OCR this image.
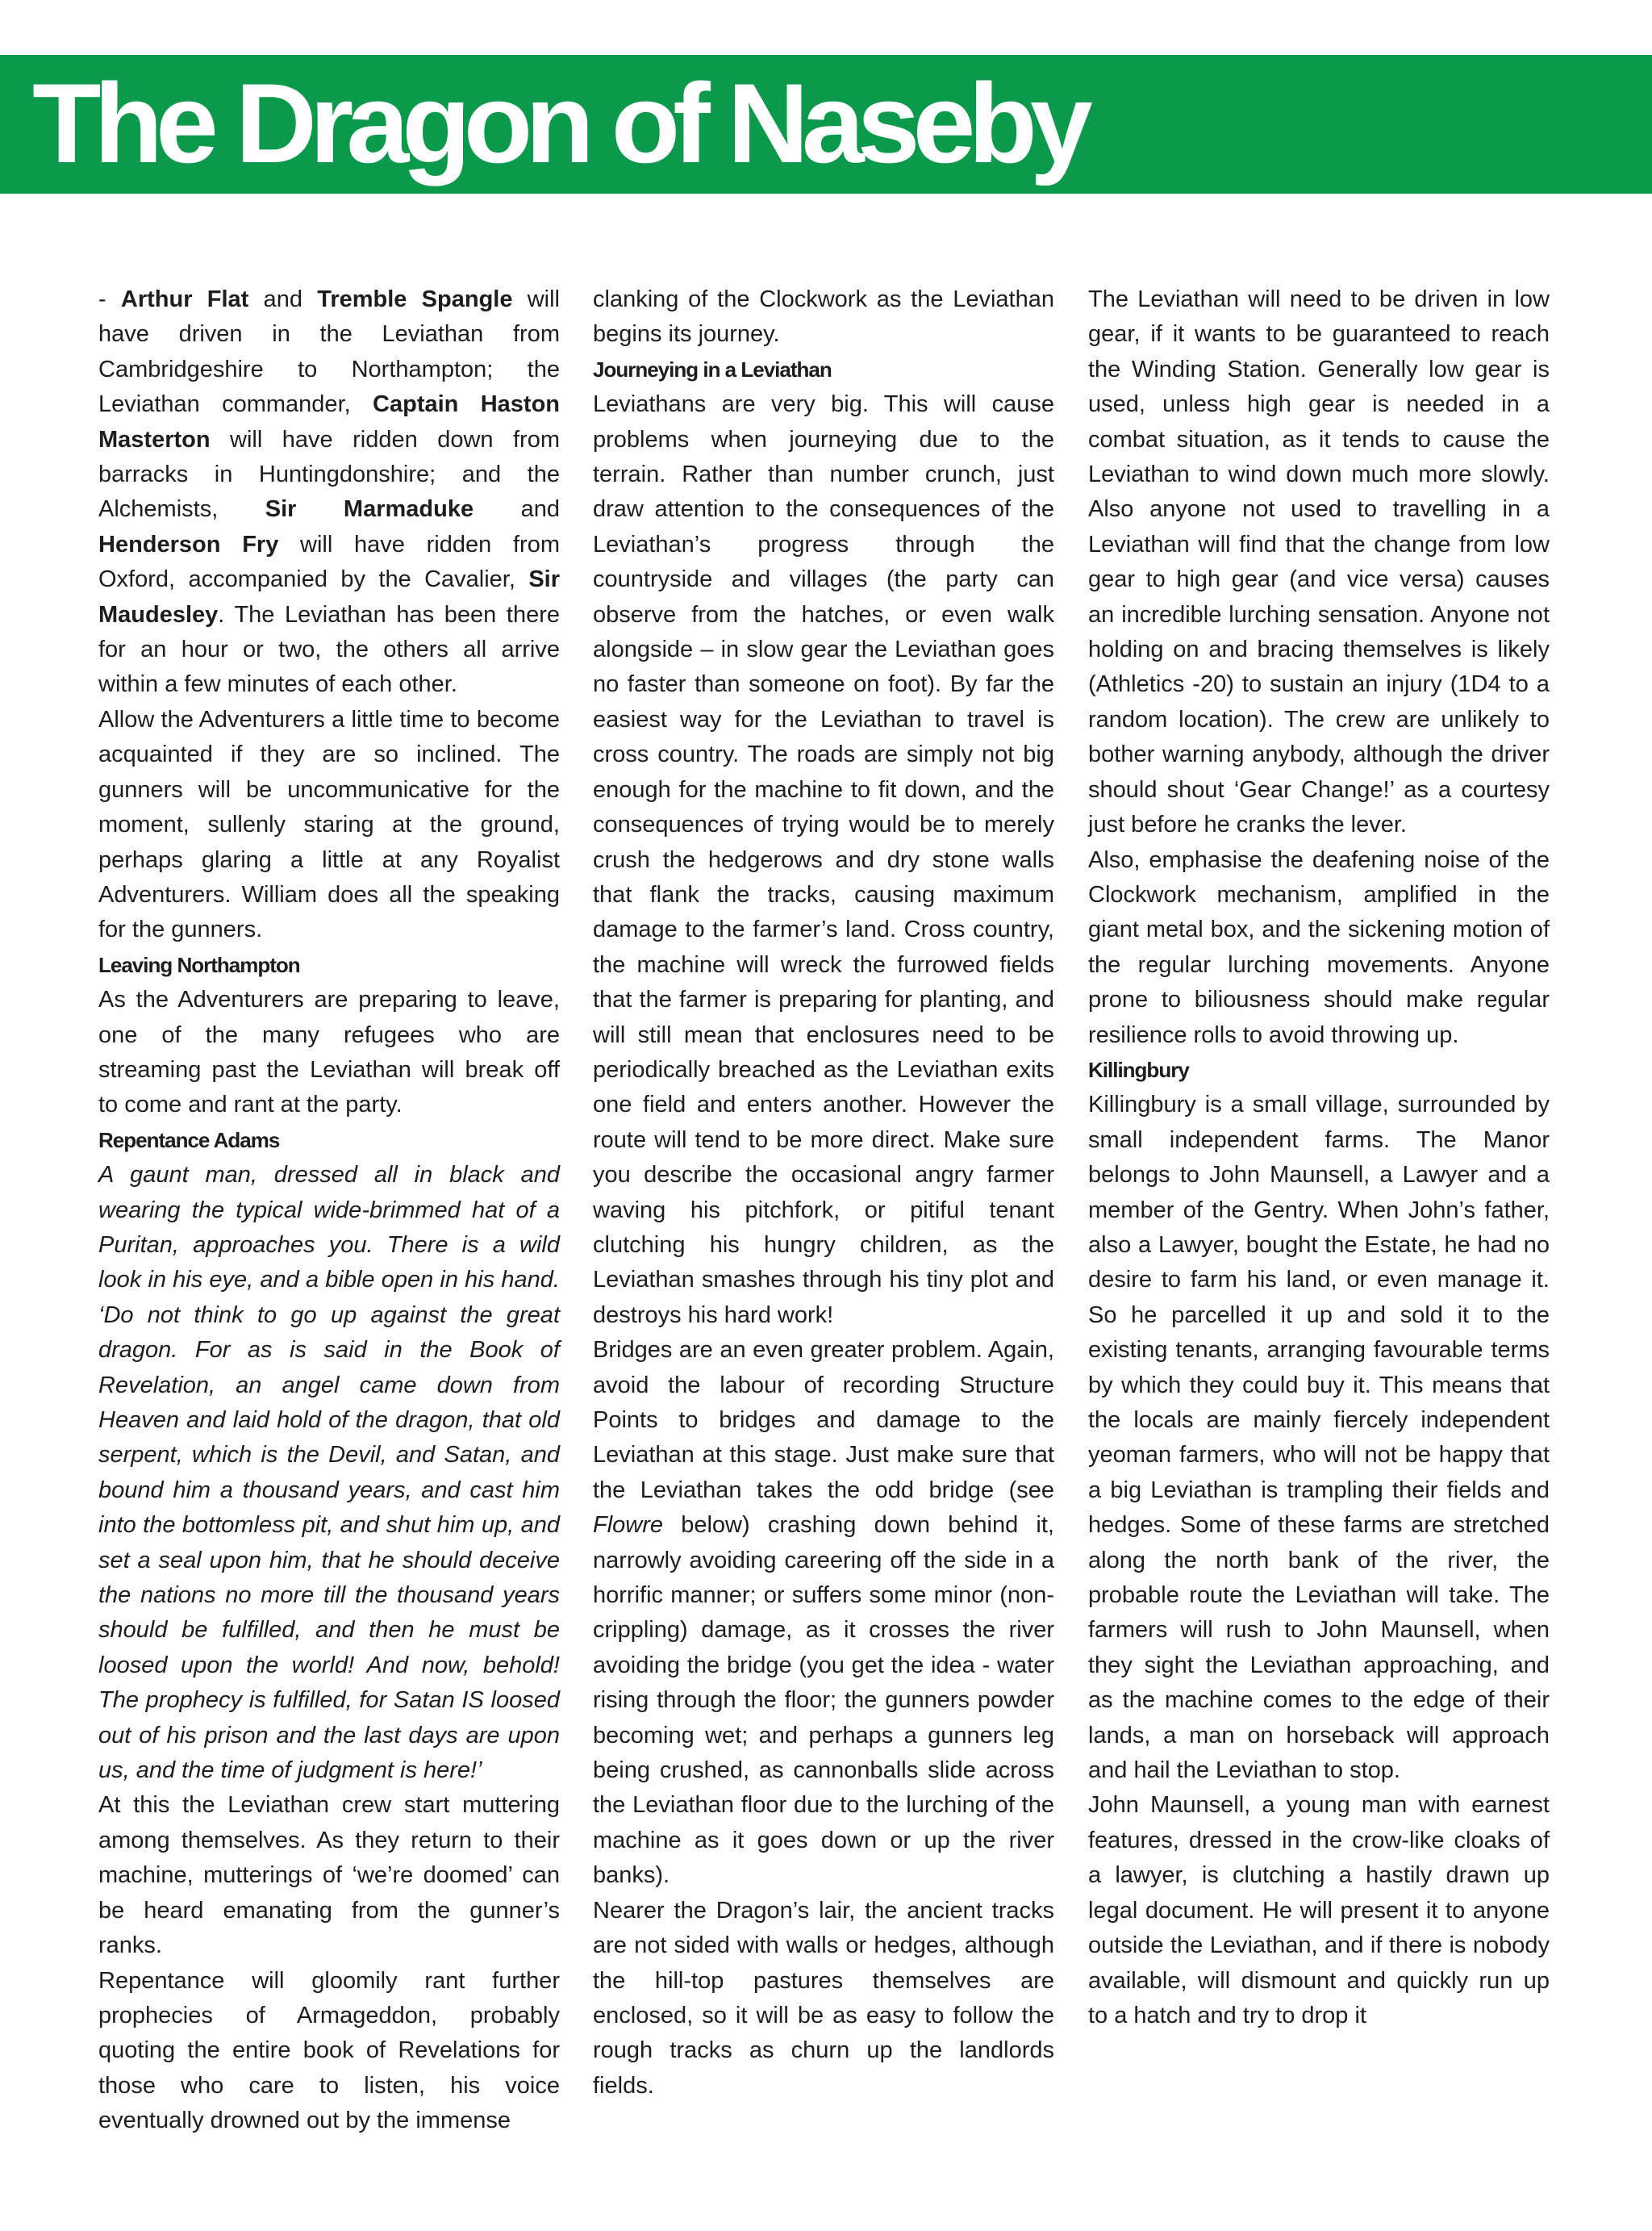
The Dragon of Naseby

- Arthur Flat and Tremble Spangle will have driven in the Leviathan from Cambridgeshire to Northampton; the Leviathan commander, Captain Haston Masterton will have ridden down from barracks in Huntingdonshire; and the Alchemists, Sir Marmaduke and Henderson Fry will have ridden from Oxford, accompanied by the Cavalier, Sir Maudesley. The Leviathan has been there for an hour or two, the others all arrive within a few minutes of each other.

Allow the Adventurers a little time to become acquainted if they are so inclined. The gunners will be uncommunicative for the moment, sullenly staring at the ground, perhaps glaring a little at any Royalist Adventurers. William does all the speaking for the gunners.

Leaving Northampton

As the Adventurers are preparing to leave, one of the many refugees who are streaming past the Leviathan will break off to come and rant at the party.

Repentance Adams

A gaunt man, dressed all in black and wearing the typical wide-brimmed hat of a Puritan, approaches you. There is a wild look in his eye, and a bible open in his hand. ‘Do not think to go up against the great dragon. For as is said in the Book of Revelation, an angel came down from Heaven and laid hold of the dragon, that old serpent, which is the Devil, and Satan, and bound him a thousand years, and cast him into the bottomless pit, and shut him up, and set a seal upon him, that he should deceive the nations no more till the thousand years should be fulfilled, and then he must be loosed upon the world! And now, behold! The prophecy is fulfilled, for Satan IS loosed out of his prison and the last days are upon us, and the time of judgment is here!’

At this the Leviathan crew start muttering among themselves. As they return to their machine, mutterings of ‘we’re doomed’ can be heard emanating from the gunner’s ranks.

Repentance will gloomily rant further prophecies of Armageddon, probably quoting the entire book of Revelations for those who care to listen, his voice eventually drowned out by the immense

clanking of the Clockwork as the Leviathan begins its journey.

Journeying in a Leviathan

Leviathans are very big. This will cause problems when journeying due to the terrain. Rather than number crunch, just draw attention to the consequences of the Leviathan’s progress through the countryside and villages (the party can observe from the hatches, or even walk alongside – in slow gear the Leviathan goes no faster than someone on foot). By far the easiest way for the Leviathan to travel is cross country. The roads are simply not big enough for the machine to fit down, and the consequences of trying would be to merely crush the hedgerows and dry stone walls that flank the tracks, causing maximum damage to the farmer’s land. Cross country, the machine will wreck the furrowed fields that the farmer is preparing for planting, and will still mean that enclosures need to be periodically breached as the Leviathan exits one field and enters another. However the route will tend to be more direct. Make sure you describe the occasional angry farmer waving his pitchfork, or pitiful tenant clutching his hungry children, as the Leviathan smashes through his tiny plot and destroys his hard work!

Bridges are an even greater problem. Again, avoid the labour of recording Structure Points to bridges and damage to the Leviathan at this stage. Just make sure that the Leviathan takes the odd bridge (see Flowre below) crashing down behind it, narrowly avoiding careering off the side in a horrific manner; or suffers some minor (non-crippling) damage, as it crosses the river avoiding the bridge (you get the idea - water rising through the floor; the gunners powder becoming wet; and perhaps a gunners leg being crushed, as cannonballs slide across the Leviathan floor due to the lurching of the machine as it goes down or up the river banks).

Nearer the Dragon’s lair, the ancient tracks are not sided with walls or hedges, although the hill-top pastures themselves are enclosed, so it will be as easy to follow the rough tracks as churn up the landlords fields.

The Leviathan will need to be driven in low gear, if it wants to be guaranteed to reach the Winding Station. Generally low gear is used, unless high gear is needed in a combat situation, as it tends to cause the Leviathan to wind down much more slowly. Also anyone not used to travelling in a Leviathan will find that the change from low gear to high gear (and vice versa) causes an incredible lurching sensation. Anyone not holding on and bracing themselves is likely (Athletics -20) to sustain an injury (1D4 to a random location). The crew are unlikely to bother warning anybody, although the driver should shout ‘Gear Change!’ as a courtesy just before he cranks the lever.

Also, emphasise the deafening noise of the Clockwork mechanism, amplified in the giant metal box, and the sickening motion of the regular lurching movements. Anyone prone to biliousness should make regular resilience rolls to avoid throwing up.

Killingbury

Killingbury is a small village, surrounded by small independent farms. The Manor belongs to John Maunsell, a Lawyer and a member of the Gentry. When John’s father, also a Lawyer, bought the Estate, he had no desire to farm his land, or even manage it. So he parcelled it up and sold it to the existing tenants, arranging favourable terms by which they could buy it. This means that the locals are mainly fiercely independent yeoman farmers, who will not be happy that a big Leviathan is trampling their fields and hedges. Some of these farms are stretched along the north bank of the river, the probable route the Leviathan will take. The farmers will rush to John Maunsell, when they sight the Leviathan approaching, and as the machine comes to the edge of their lands, a man on horseback will approach and hail the Leviathan to stop.

John Maunsell, a young man with earnest features, dressed in the crow-like cloaks of a lawyer, is clutching a hastily drawn up legal document. He will present it to anyone outside the Leviathan, and if there is nobody available, will dismount and quickly run up to a hatch and try to drop it
